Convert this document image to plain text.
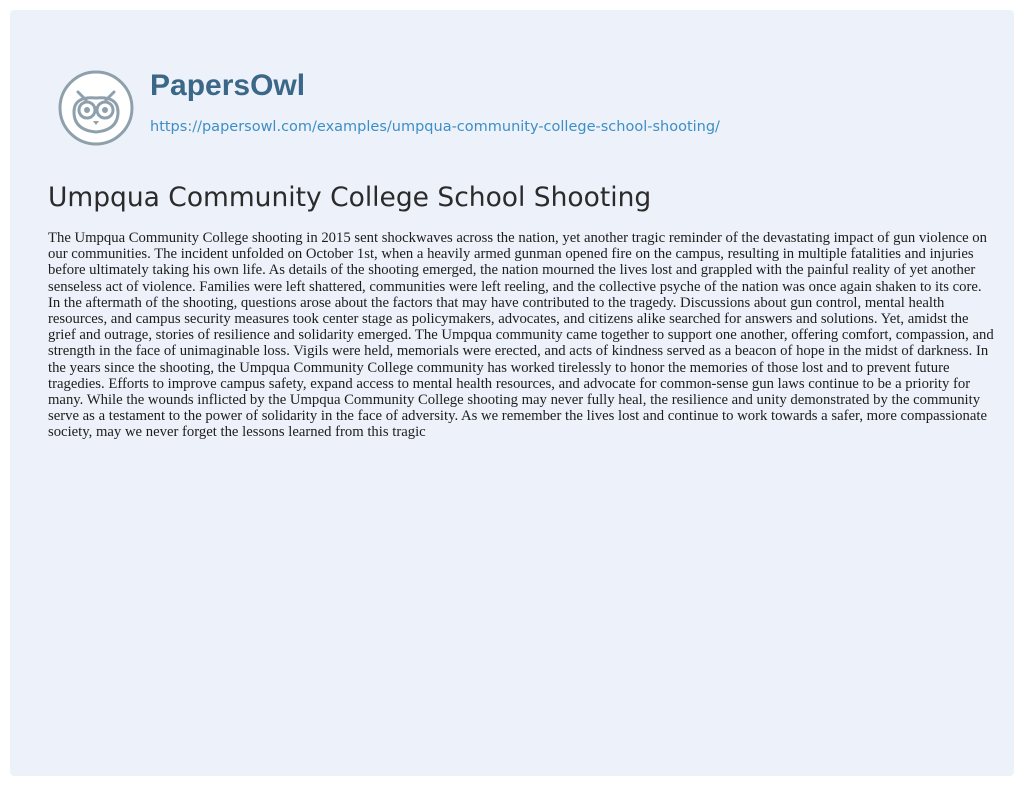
PapersOwl
https://papersowl.com/examples/umpqua-community-college-school-shooting/
Umpqua Community College School Shooting

The Umpqua Community College shooting in 2015 sent shockwaves across the nation, yet another tragic reminder of the devastating impact of gun violence on our communities. The incident unfolded on October 1st, when a heavily armed gunman opened fire on the campus, resulting in multiple fatalities and injuries before ultimately taking his own life. As details of the shooting emerged, the nation mourned the lives lost and grappled with the painful reality of yet another senseless act of violence. Families were left shattered, communities were left reeling, and the collective psyche of the nation was once again shaken to its core. In the aftermath of the shooting, questions arose about the factors that may have contributed to the tragedy. Discussions about gun control, mental health resources, and campus security measures took center stage as policymakers, advocates, and citizens alike searched for answers and solutions. Yet, amidst the grief and outrage, stories of resilience and solidarity emerged. The Umpqua community came together to support one another, offering comfort, compassion, and strength in the face of unimaginable loss. Vigils were held, memorials were erected, and acts of kindness served as a beacon of hope in the midst of darkness. In the years since the shooting, the Umpqua Community College community has worked tirelessly to honor the memories of those lost and to prevent future tragedies. Efforts to improve campus safety, expand access to mental health resources, and advocate for common-sense gun laws continue to be a priority for many. While the wounds inflicted by the Umpqua Community College shooting may never fully heal, the resilience and unity demonstrated by the community serve as a testament to the power of solidarity in the face of adversity. As we remember the lives lost and continue to work towards a safer, more compassionate society, may we never forget the lessons learned from this tragic
